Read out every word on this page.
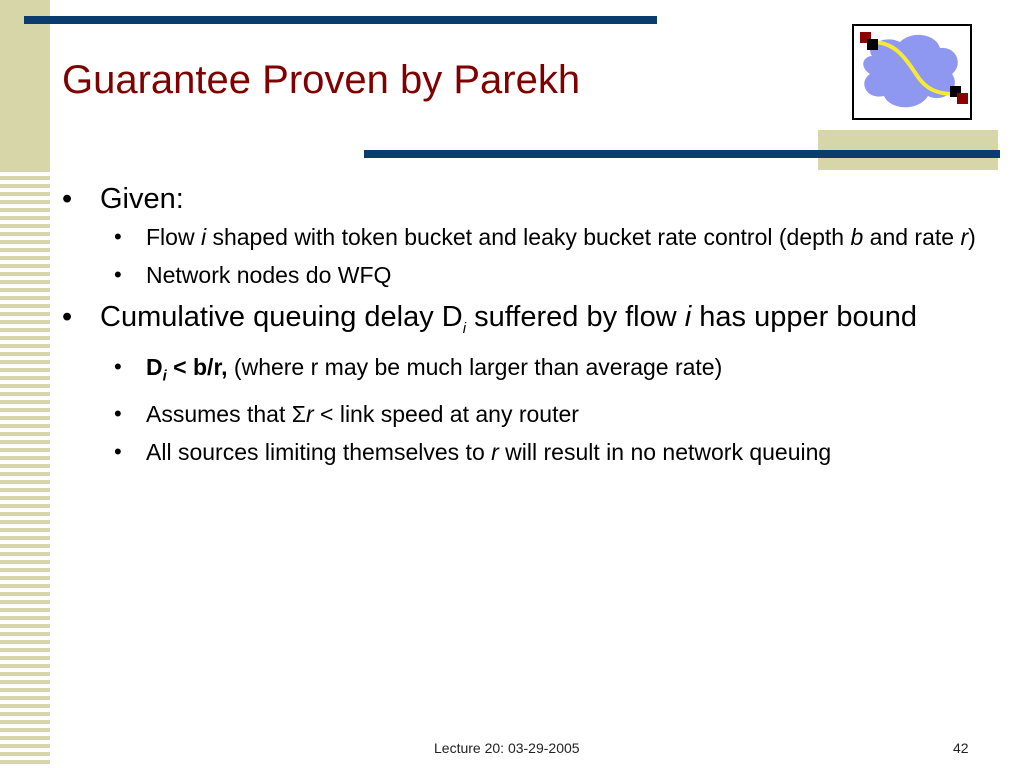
Guarantee Proven by Parekh
• Given:
• Flow i shaped with token bucket and leaky bucket rate control (depth b and rate r)
• Network nodes do WFQ
• Cumulative queuing delay $D_i$ suffered by flow i has upper bound
• $D_i < b/r$, (where r may be much larger than average rate)
• Assumes that Σr < link speed at any router
• All sources limiting themselves to r will result in no network queuing
Lecture 20: 03-29-2005	42
